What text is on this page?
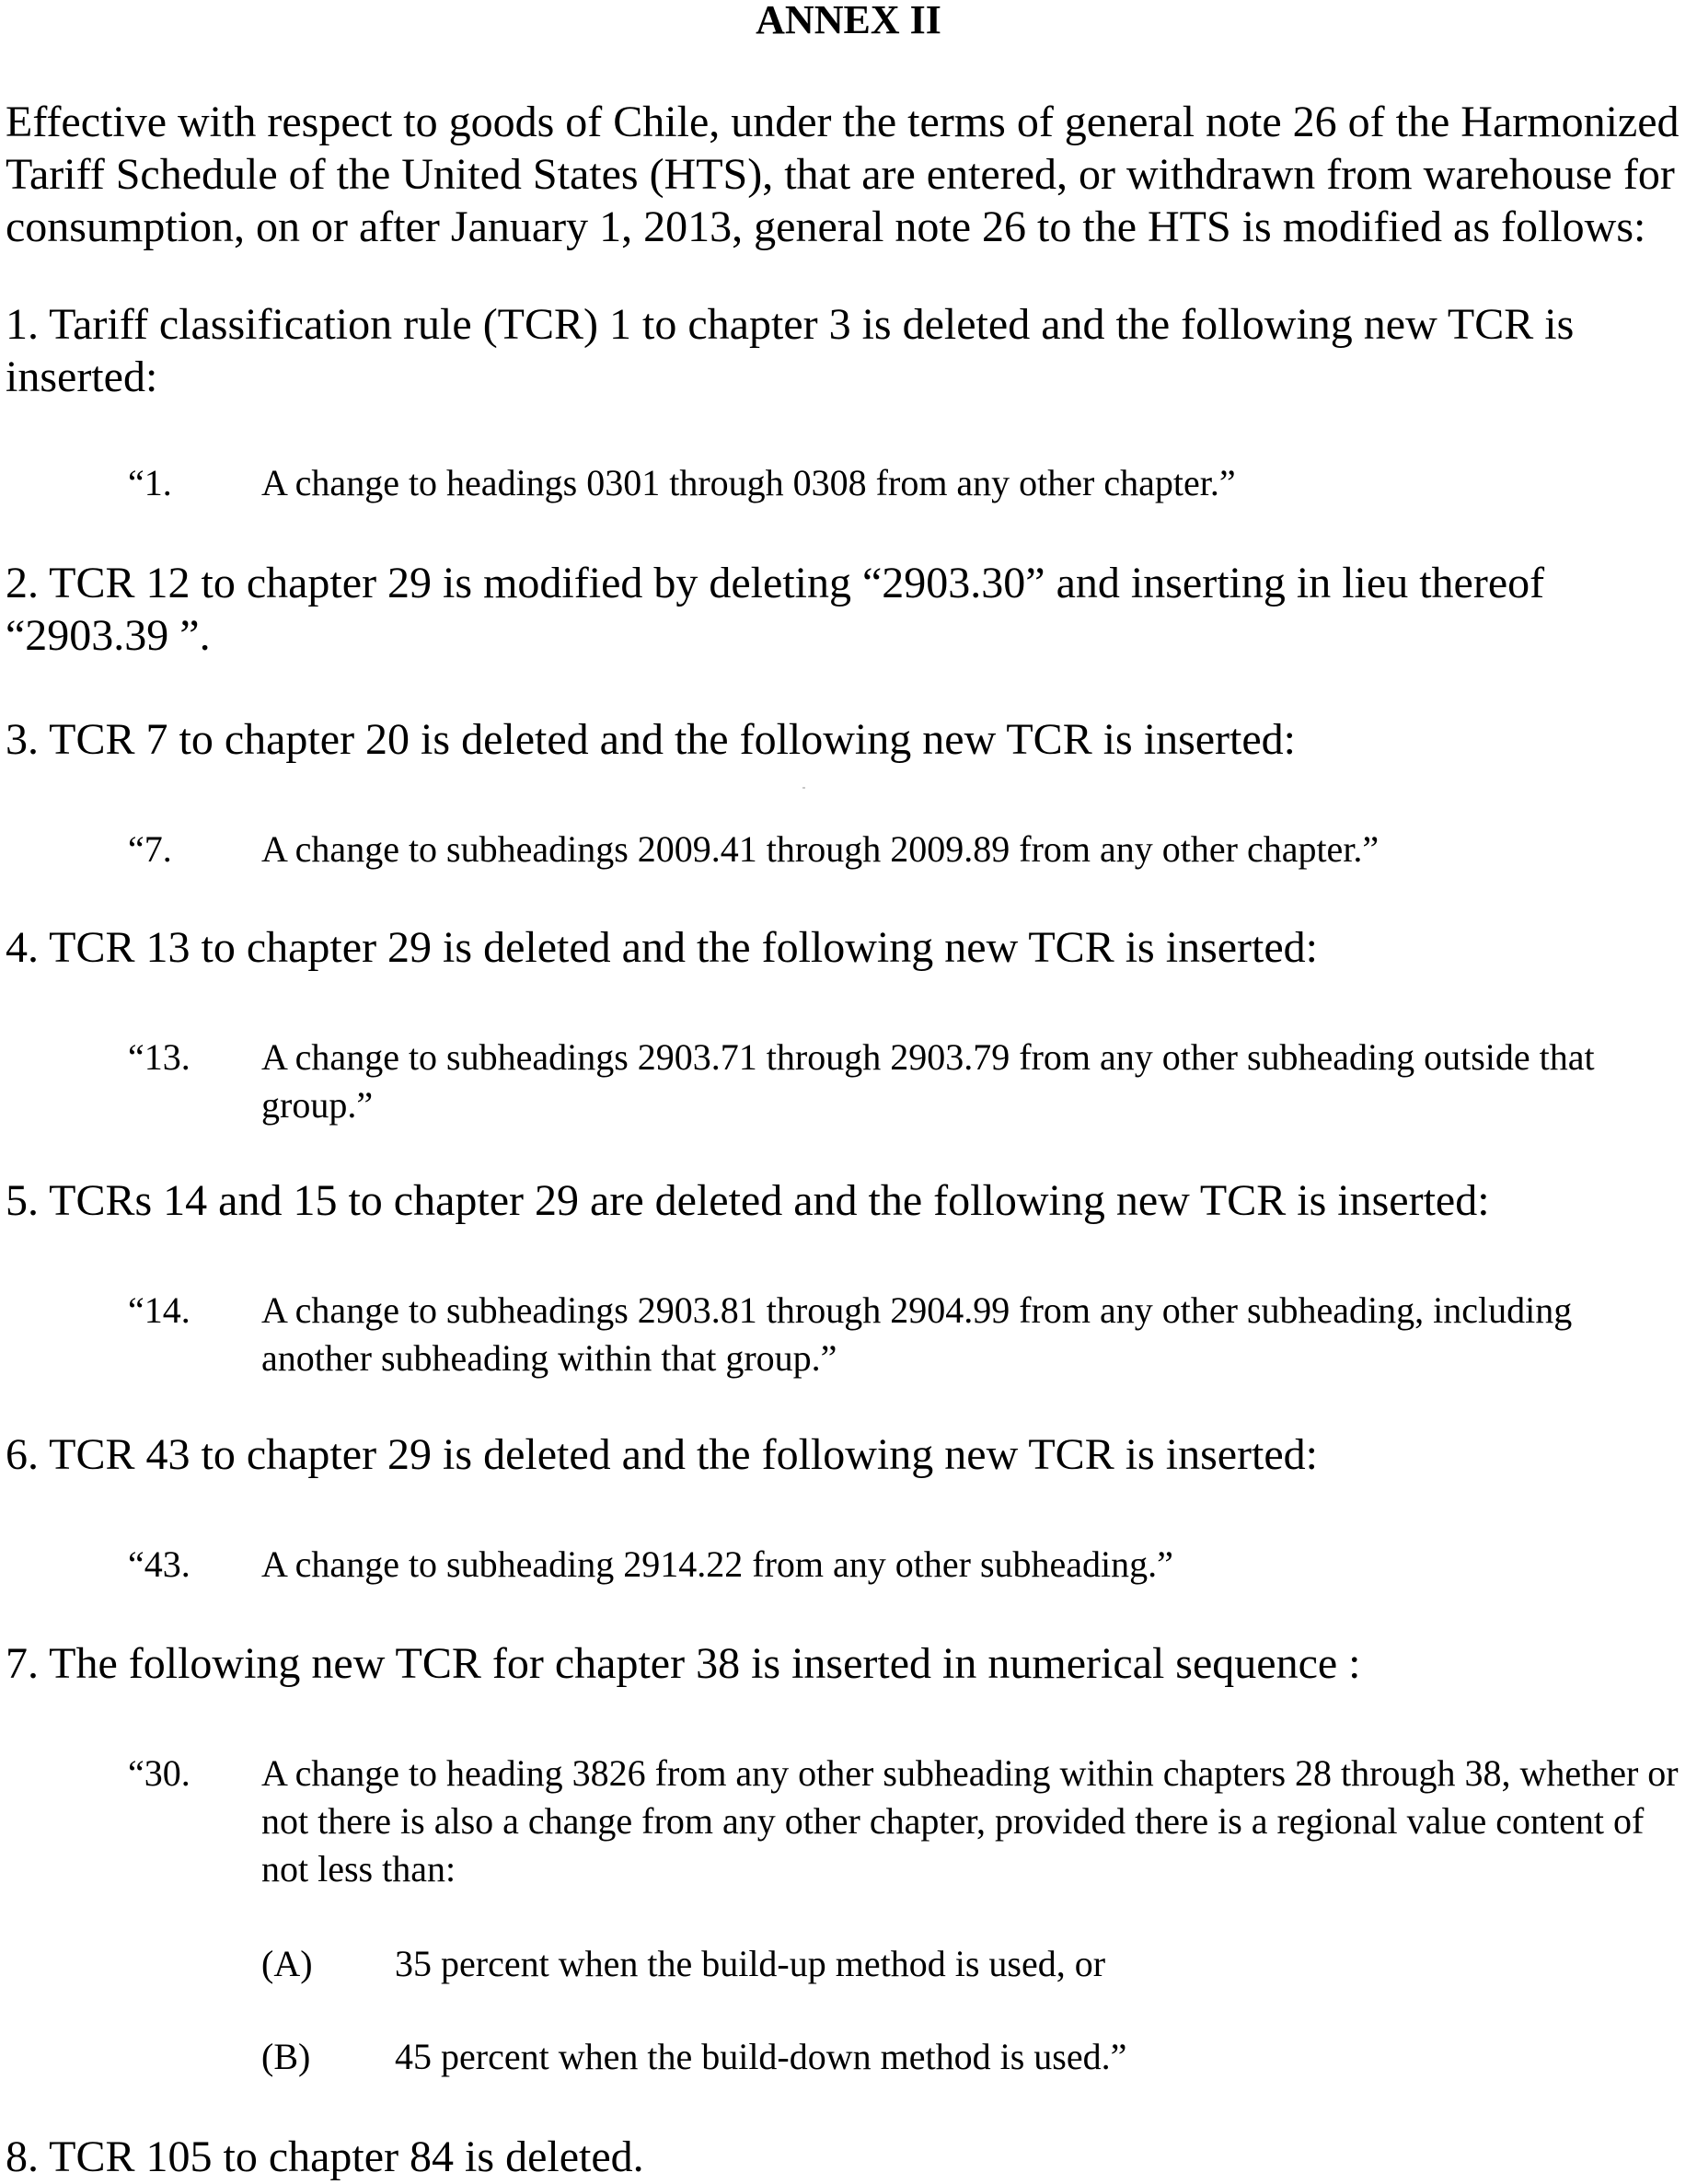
ANNEX II
Effective with respect to goods of Chile, under the terms of general note 26 of the Harmonized Tariff Schedule of the United States (HTS), that are entered, or withdrawn from warehouse for consumption, on or after January 1, 2013, general note 26 to the HTS is modified as follows:
1. Tariff classification rule (TCR) 1 to chapter 3 is deleted and the following new TCR is inserted:
“1. A change to headings 0301 through 0308 from any other chapter.”
2. TCR 12 to chapter 29 is modified by deleting “2903.30” and inserting in lieu thereof “2903.39 ”.
3. TCR 7 to chapter 20 is deleted and the following new TCR is inserted:
“7. A change to subheadings 2009.41 through 2009.89 from any other chapter.”
4. TCR 13 to chapter 29 is deleted and the following new TCR is inserted:
“13. A change to subheadings 2903.71 through 2903.79 from any other subheading outside that group.”
5. TCRs 14 and 15 to chapter 29 are deleted and the following new TCR is inserted:
“14. A change to subheadings 2903.81 through 2904.99 from any other subheading, including another subheading within that group.”
6. TCR 43 to chapter 29 is deleted and the following new TCR is inserted:
“43. A change to subheading 2914.22 from any other subheading.”
7. The following new TCR for chapter 38 is inserted in numerical sequence :
“30. A change to heading 3826 from any other subheading within chapters 28 through 38, whether or not there is also a change from any other chapter, provided there is a regional value content of not less than:
(A) 35 percent when the build-up method is used, or
(B) 45 percent when the build-down method is used.”
8. TCR 105 to chapter 84 is deleted.
